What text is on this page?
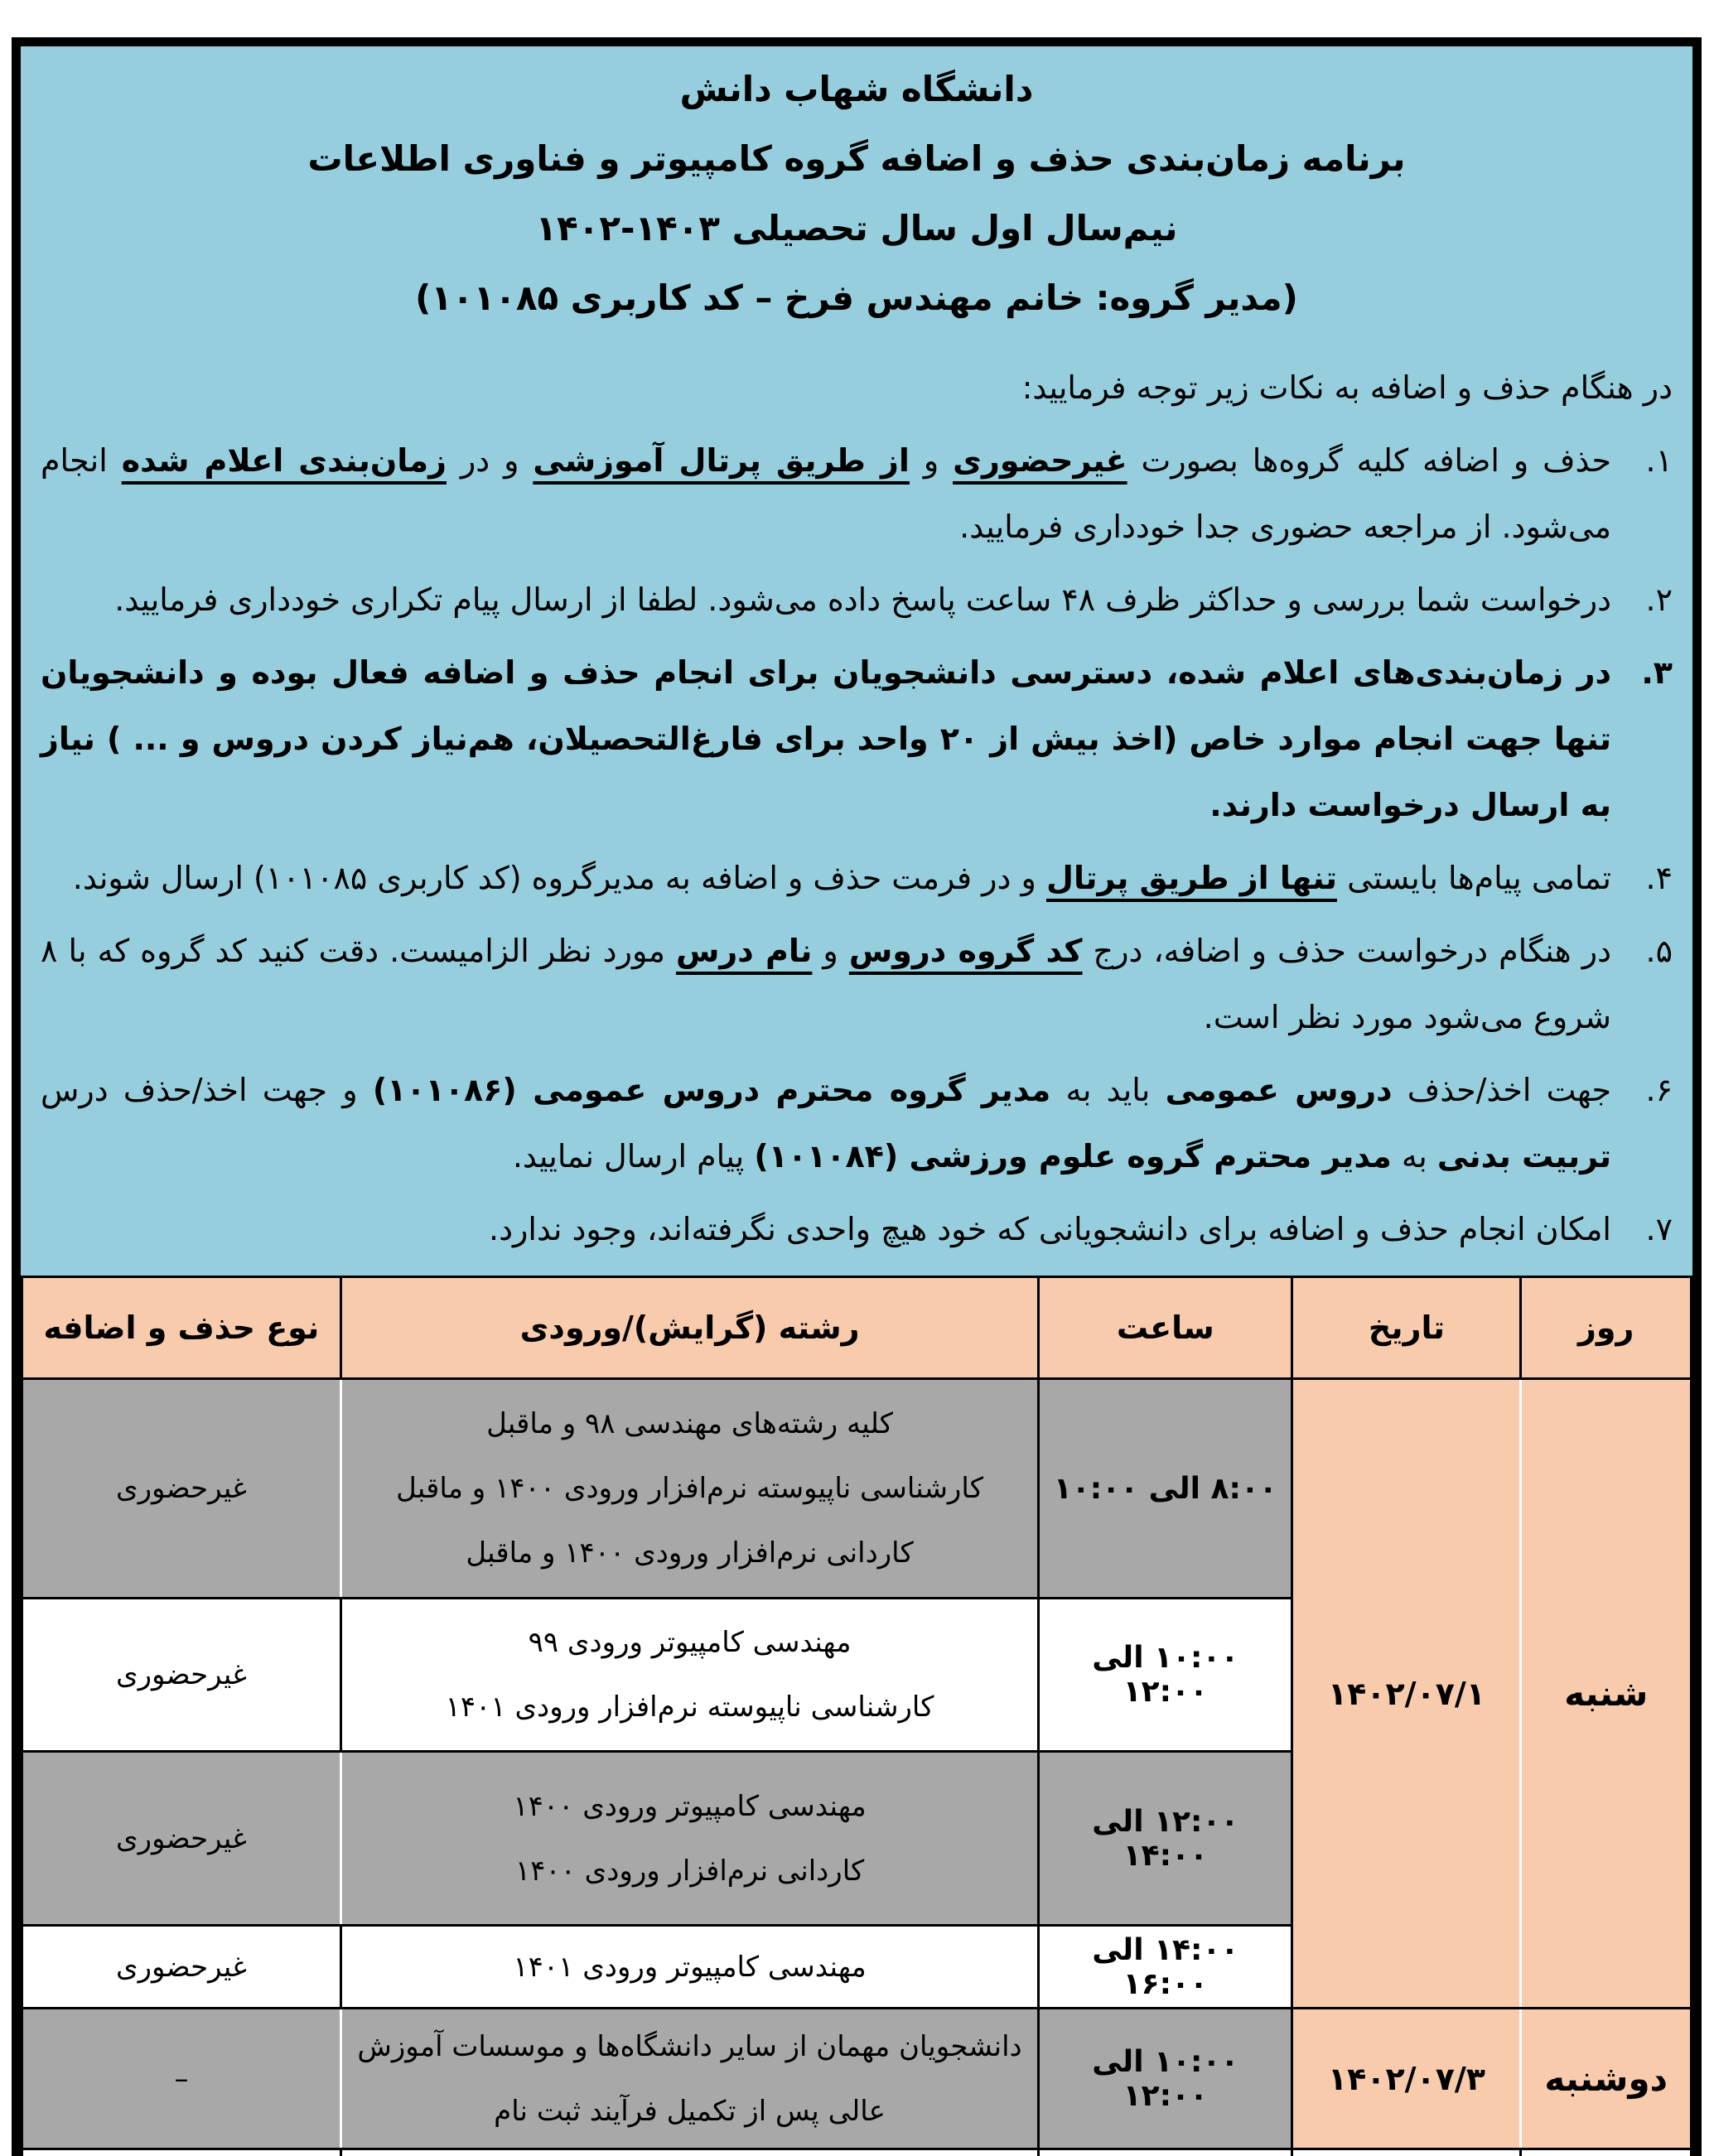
دانشگاه شهاب دانش
برنامه زمان‌بندی حذف و اضافه گروه کامپیوتر و فناوری اطلاعات
نیم‌سال اول سال تحصیلی ۱۴۰۳-۱۴۰۲
(مدیر گروه: خانم مهندس فرخ – کد کاربری ۱۰۱۰۸۵)
در هنگام حذف و اضافه به نکات زیر توجه فرمایید:
۱.
حذف و اضافه کلیه گروه‌ها بصورت غیرحضوری و از طریق پرتال آموزشی و در زمان‌بندی اعلام شده انجام می‌شود. از مراجعه حضوری جدا خودداری فرمایید.
۲.
درخواست شما بررسی و حداکثر ظرف ۴۸ ساعت پاسخ داده می‌شود. لطفا از ارسال پیام تکراری خودداری فرمایید.
۳.
در زمان‌بندی‌های اعلام شده، دسترسی دانشجویان برای انجام حذف و اضافه فعال بوده و دانشجویان تنها جهت انجام موارد خاص (اخذ بیش از ۲۰ واحد برای فارغ‌التحصیلان، هم‌نیاز کردن دروس و ... ) نیاز به ارسال درخواست دارند.
۴.
تمامی پیام‌ها بایستی تنها از طریق پرتال و در فرمت حذف و اضافه به مدیرگروه (کد کاربری ۱۰۱۰۸۵) ارسال شوند.
۵.
در هنگام درخواست حذف و اضافه، درج کد گروه دروس و نام درس مورد نظر الزامیست. دقت کنید کد گروه که با ۸ شروع می‌شود مورد نظر است.
۶.
جهت اخذ/حذف دروس عمومی باید به مدیر گروه محترم دروس عمومی (۱۰۱۰۸۶) و جهت اخذ/حذف درس تربیت بدنی به مدیر محترم گروه علوم ورزشی (۱۰۱۰۸۴) پیام ارسال نمایید.
۷.
امکان انجام حذف و اضافه برای دانشجویانی که خود هیچ واحدی نگرفته‌اند، وجود ندارد.
روز	تاریخ	ساعت	رشته (گرایش)/ورودی	نوع حذف و اضافه
شنبه	۱۴۰۲/۰۷/۱	۸:۰۰ الی ۱۰:۰۰	کلیه رشته‌های مهندسی ۹۸ و ماقبل
کارشناسی ناپیوسته نرم‌افزار ورودی ۱۴۰۰ و ماقبل
کاردانی نرم‌افزار ورودی ۱۴۰۰ و ماقبل	غیرحضوری
		۱۰:۰۰ الی ۱۲:۰۰	مهندسی کامپیوتر ورودی ۹۹
کارشناسی ناپیوسته نرم‌افزار ورودی ۱۴۰۱	غیرحضوری
		۱۲:۰۰ الی ۱۴:۰۰	مهندسی کامپیوتر ورودی ۱۴۰۰
کاردانی نرم‌افزار ورودی ۱۴۰۰	غیرحضوری
		۱۴:۰۰ الی ۱۶:۰۰	مهندسی کامپیوتر ورودی ۱۴۰۱	غیرحضوری
دوشنبه	۱۴۰۲/۰۷/۳	۱۰:۰۰ الی ۱۲:۰۰	دانشجویان مهمان از سایر دانشگاه‌ها و موسسات آموزش عالی پس از تکمیل فرآیند ثبت نام	–
